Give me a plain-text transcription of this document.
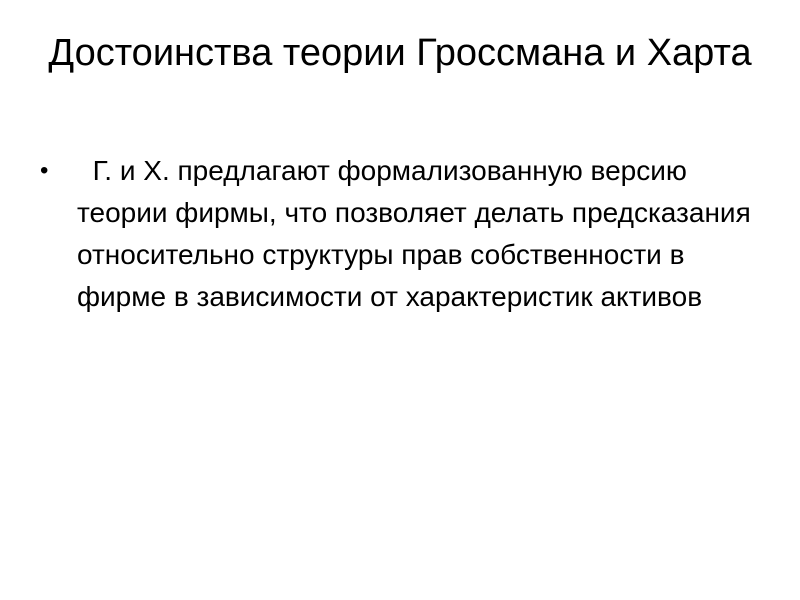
Достоинства теории Гроссмана и Харта
• Г. и Х. предлагают формализованную версию теории фирмы, что позволяет делать предсказания относительно структуры прав собственности в фирме в зависимости от характеристик активов
